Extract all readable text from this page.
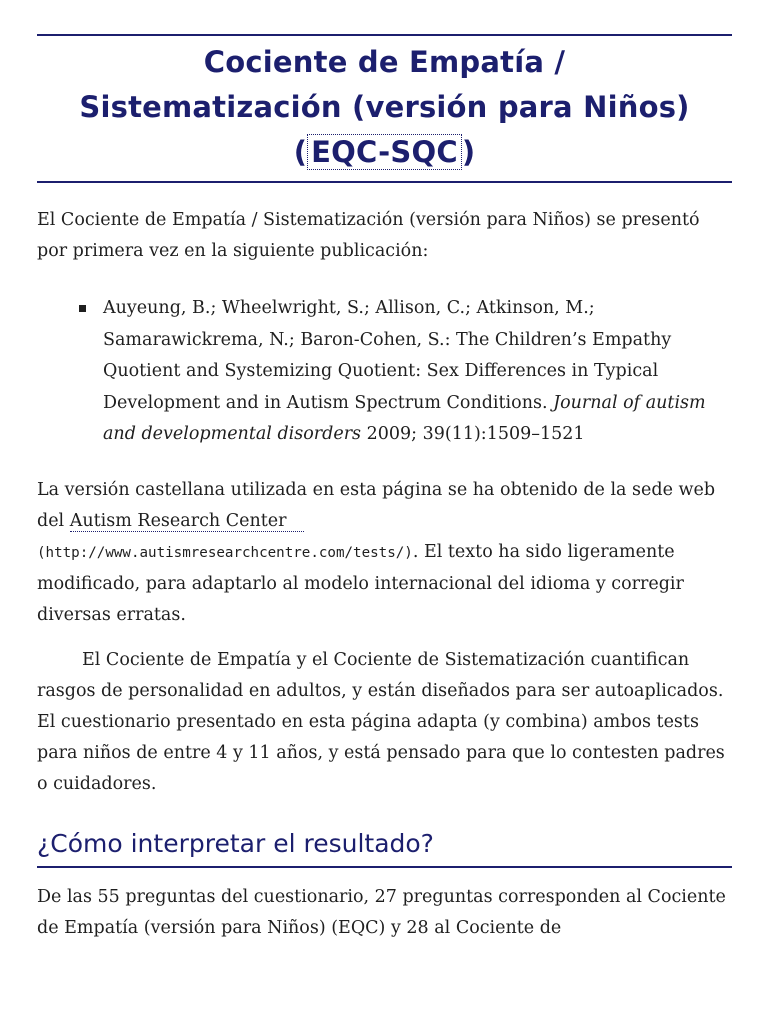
Cociente de Empatía /
Sistematización (versión para Niños)
( EQC-SQC )

El Cociente de Empatía / Sistematización (versión para Niños) se presentó por primera vez en la siguiente publicación:

Auyeung, B.; Wheelwright, S.; Allison, C.; Atkinson, M.; Samarawickrema, N.; Baron-Cohen, S.: The Children’s Empathy Quotient and Systemizing Quotient: Sex Differences in Typical Development and in Autism Spectrum Conditions. Journal of autism and developmental disorders 2009; 39(11):1509–1521

La versión castellana utilizada en esta página se ha obtenido de la sede web del Autism Research Center
(http://www.autismresearchcentre.com/tests/). El texto ha sido ligeramente modificado, para adaptarlo al modelo internacional del idioma y corregir diversas erratas.

El Cociente de Empatía y el Cociente de Sistematización cuantifican rasgos de personalidad en adultos, y están diseñados para ser autoaplicados. El cuestionario presentado en esta página adapta (y combina) ambos tests para niños de entre 4 y 11 años, y está pensado para que lo contesten padres o cuidadores.

¿Cómo interpretar el resultado?

De las 55 preguntas del cuestionario, 27 preguntas corresponden al Cociente de Empatía (versión para Niños) (EQC) y 28 al Cociente de
